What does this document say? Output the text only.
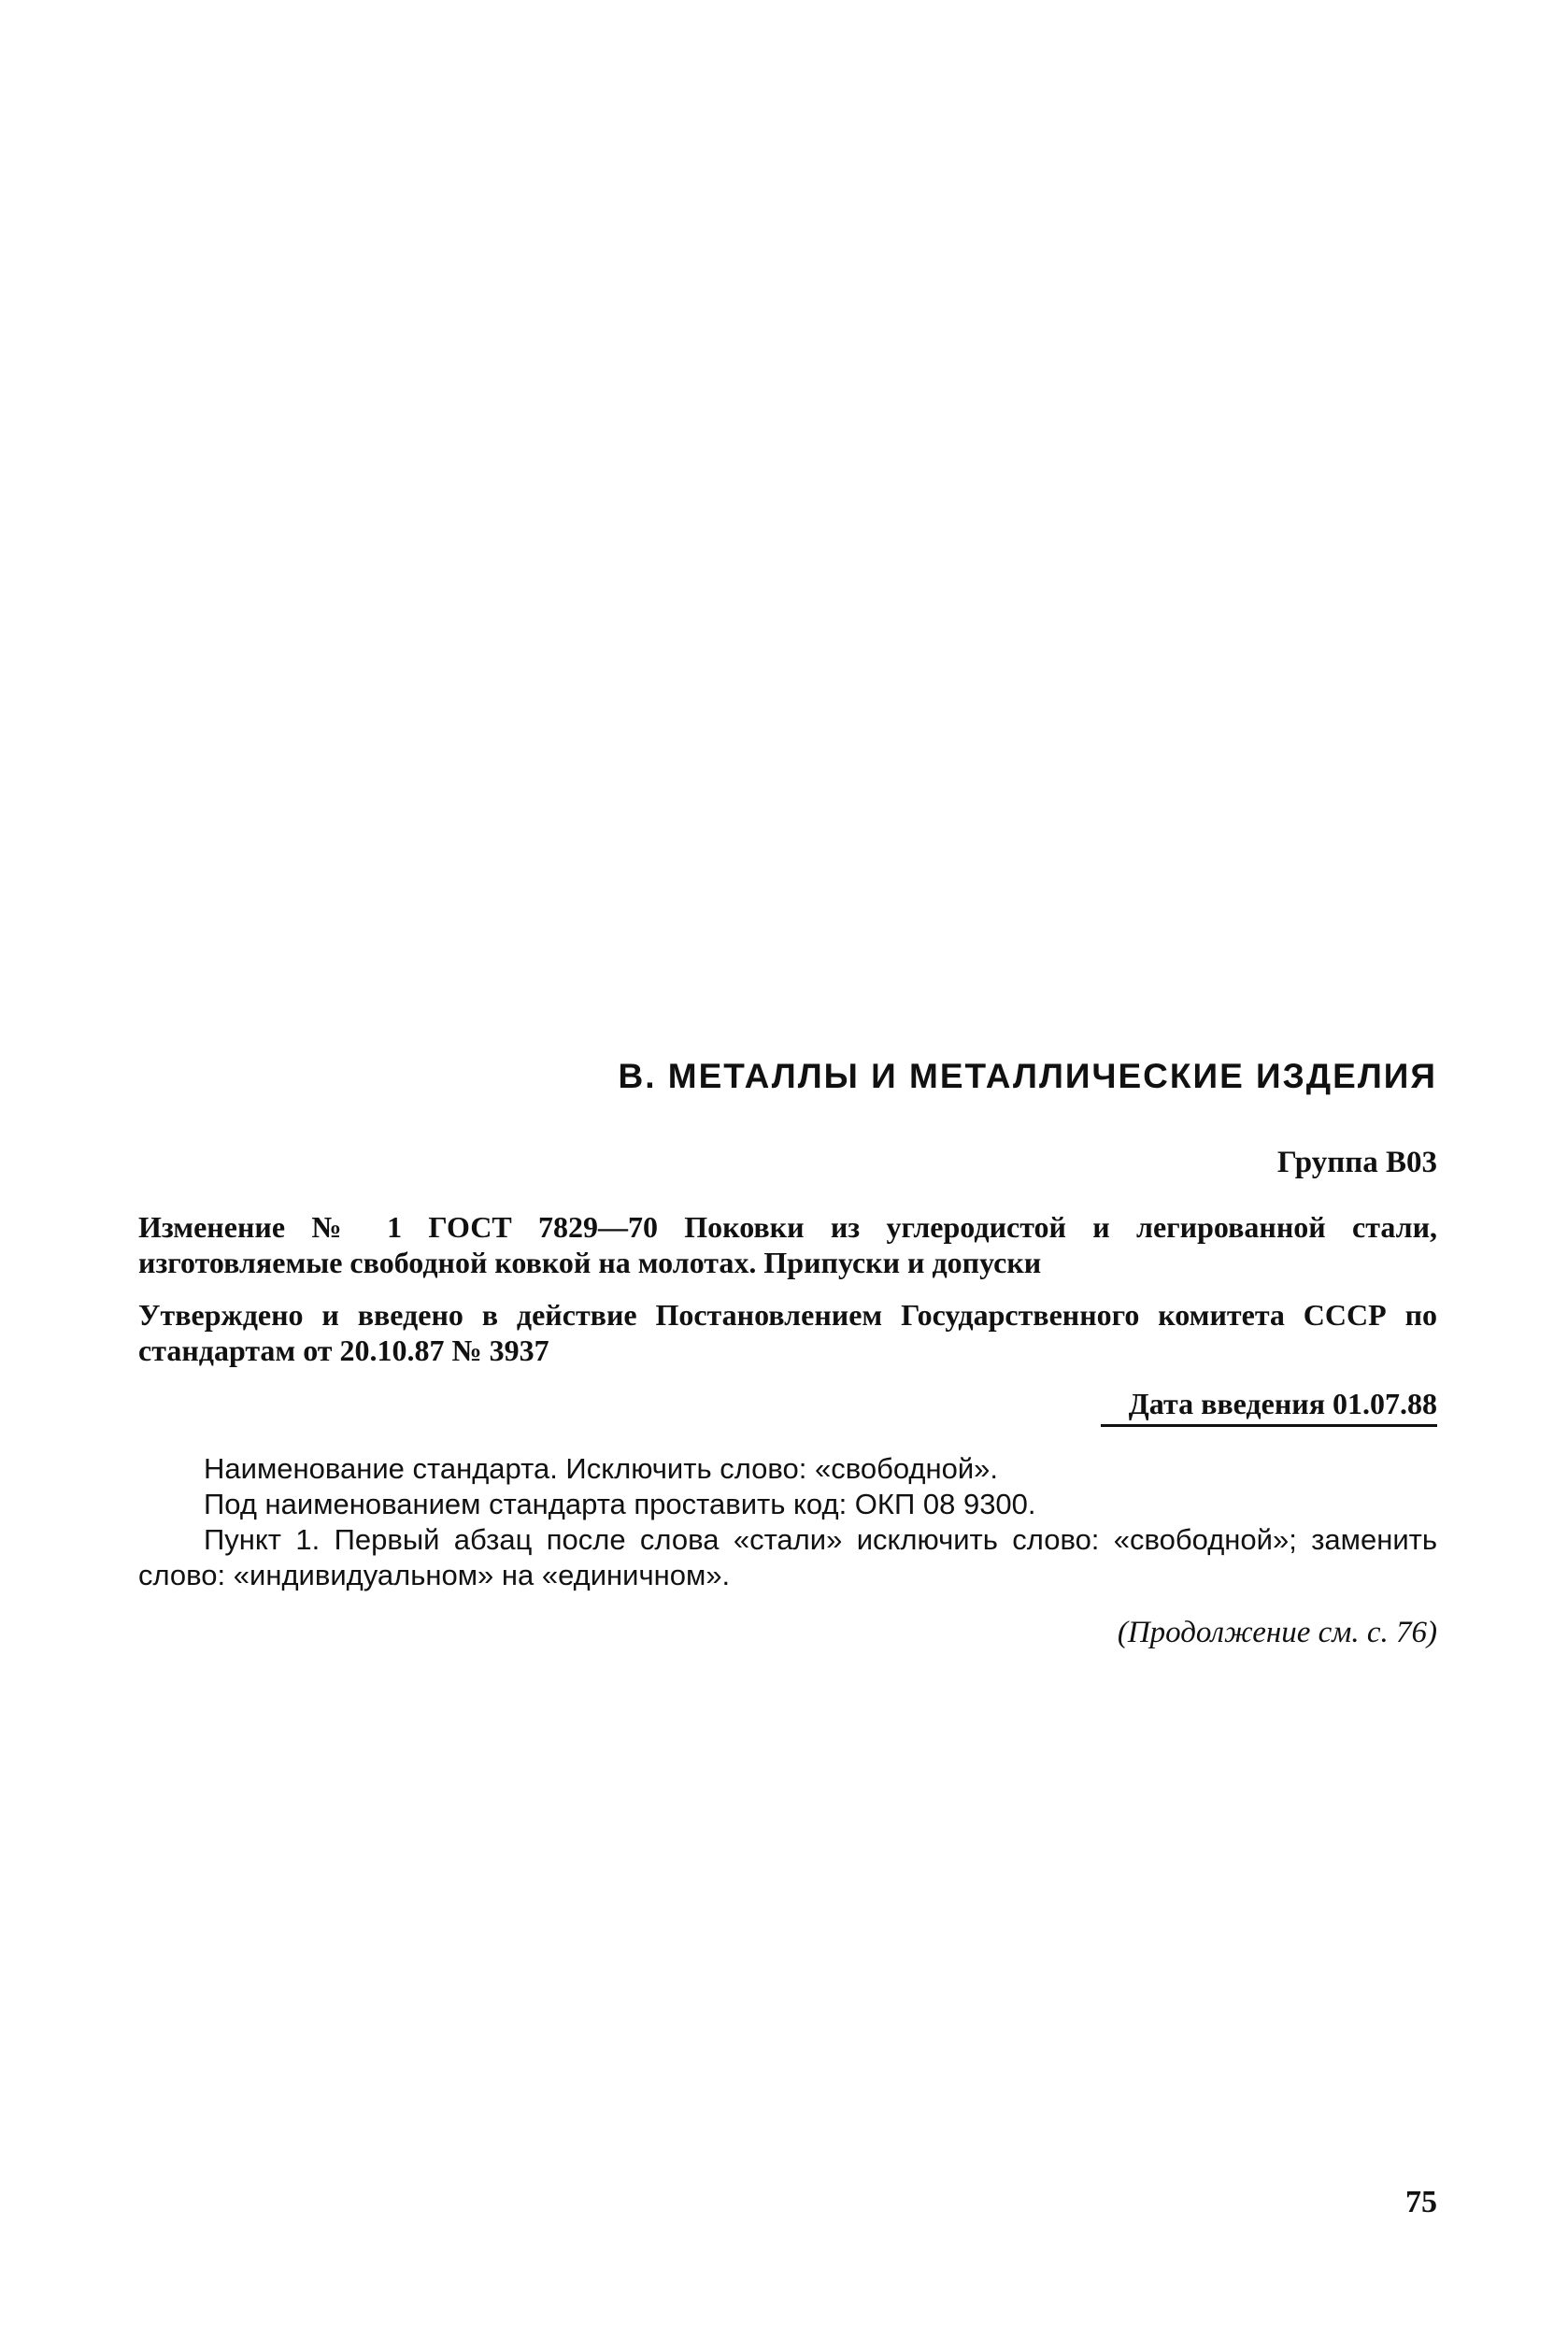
В. МЕТАЛЛЫ И МЕТАЛЛИЧЕСКИЕ ИЗДЕЛИЯ
Группа В03

Изменение № 1 ГОСТ 7829—70 Поковки из углеродистой и легированной стали, изготовляемые свободной ковкой на молотах. Припуски и допуски

Утверждено и введено в действие Постановлением Государственного комитета СССР по стандартам от 20.10.87 № 3937

Дата введения 01.07.88

Наименование стандарта. Исключить слово: «свободной».

Под наименованием стандарта проставить код: ОКП 08 9300.

Пункт 1. Первый абзац после слова «стали» исключить слово: «свободной»; заменить слово: «индивидуальном» на «единичном».

(Продолжение см. с. 76)
75
